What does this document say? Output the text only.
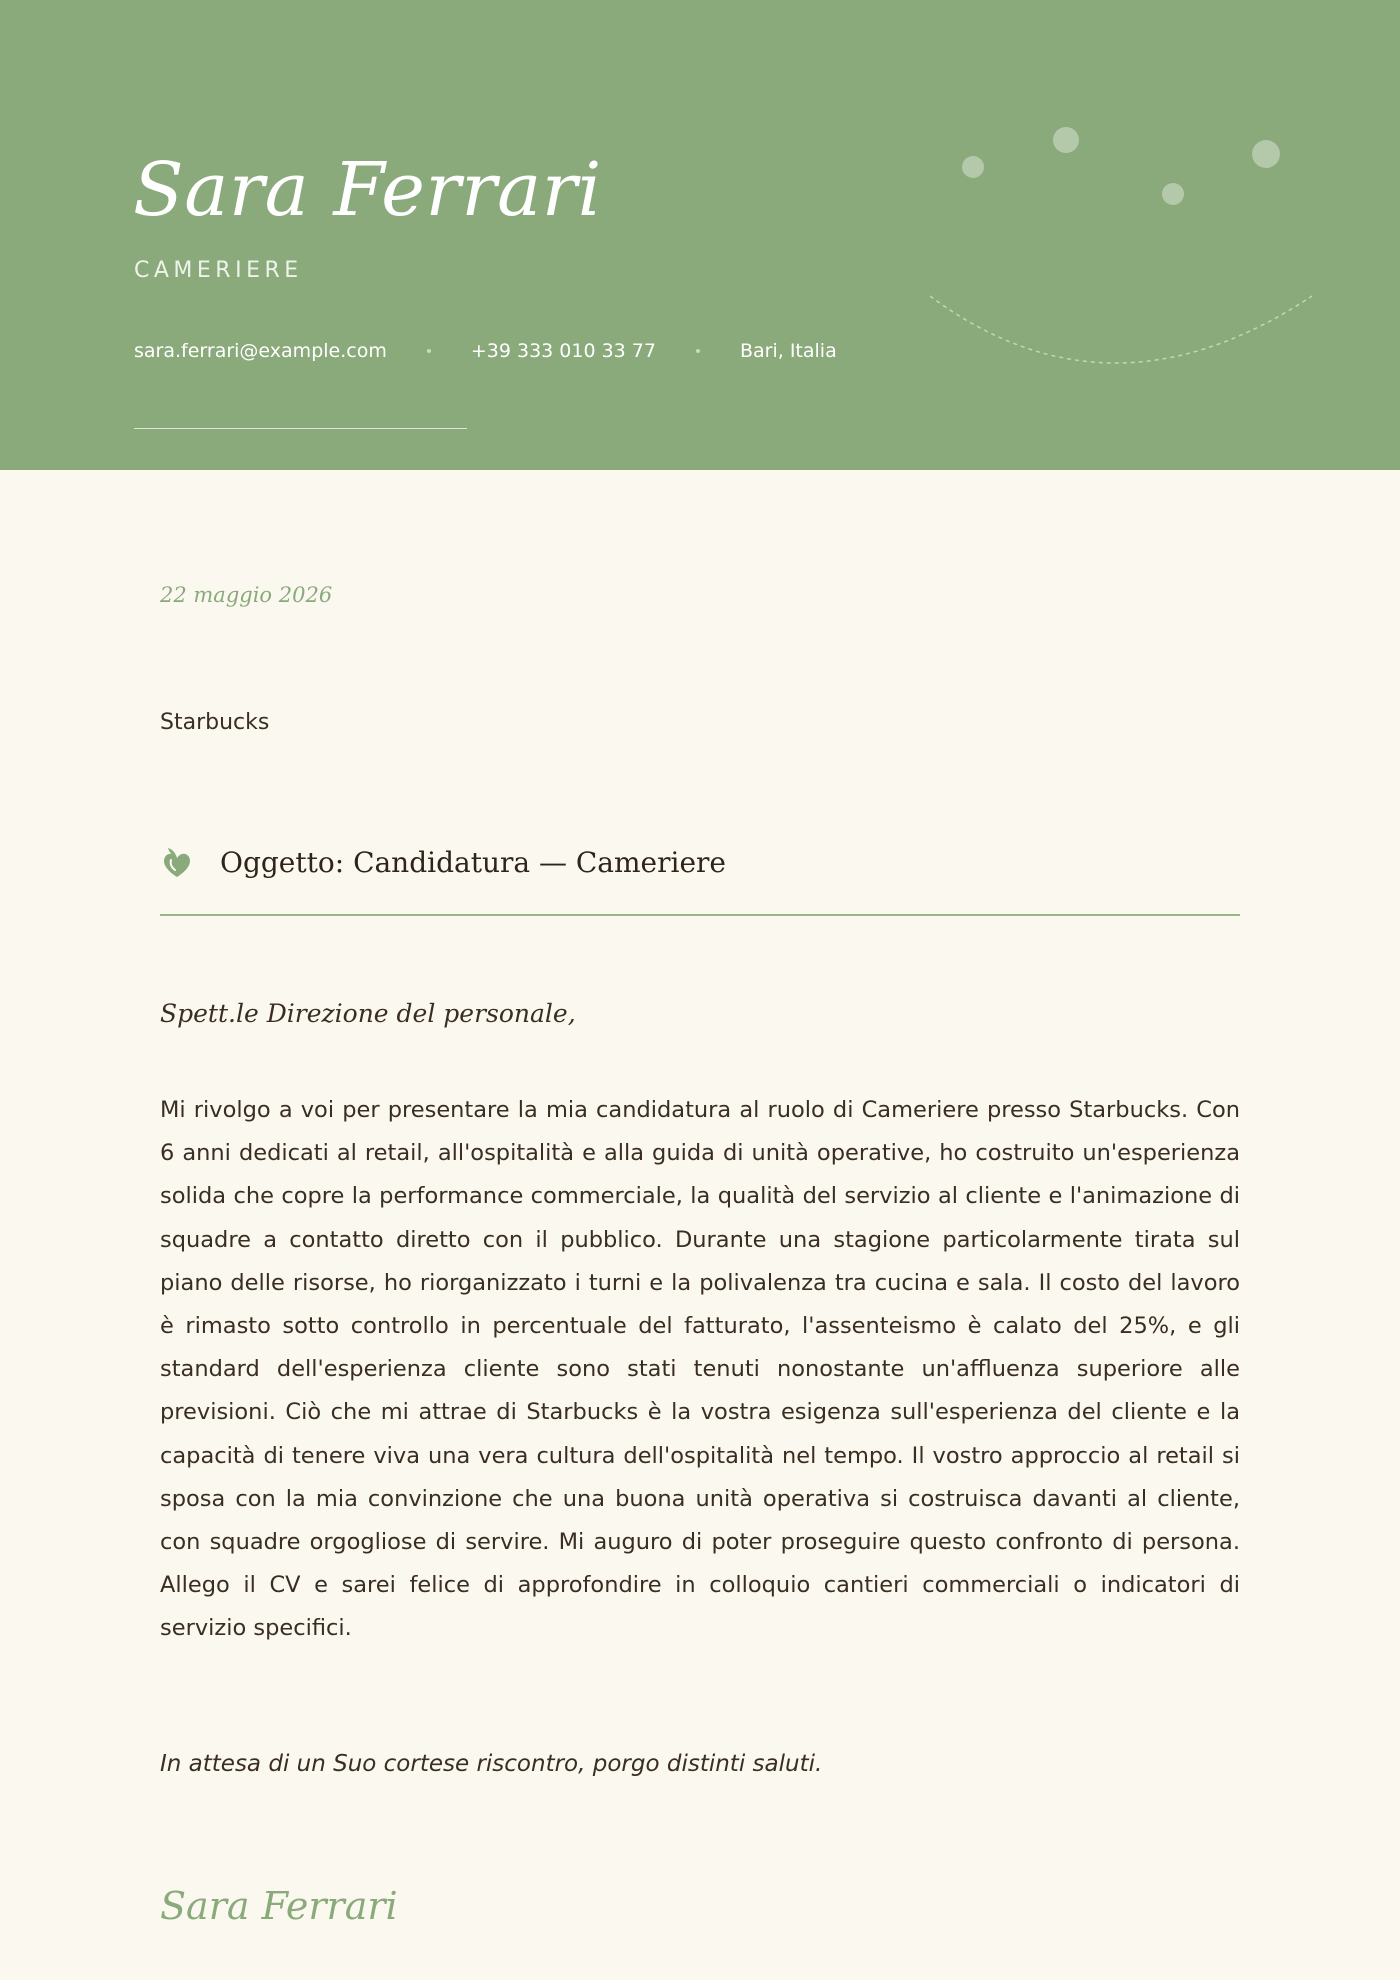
Sara Ferrari
CAMERIERE
sara.ferrari@example.com	+39 333 010 33 77	Bari, Italia
22 maggio 2026
Starbucks
Oggetto: Candidatura — Cameriere
Spett.le Direzione del personale,

Mi rivolgo a voi per presentare la mia candidatura al ruolo di Cameriere presso Starbucks. Con 6 anni dedicati al retail, all'ospitalità e alla guida di unità operative, ho costruito un'esperienza solida che copre la performance commerciale, la qualità del servizio al cliente e l'animazione di squadre a contatto diretto con il pubblico. Durante una stagione particolarmente tirata sul piano delle risorse, ho riorganizzato i turni e la polivalenza tra cucina e sala. Il costo del lavoro è rimasto sotto controllo in percentuale del fatturato, l'assenteismo è calato del 25%, e gli standard dell'esperienza cliente sono stati tenuti nonostante un'affluenza superiore alle previsioni. Ciò che mi attrae di Starbucks è la vostra esigenza sull'esperienza del cliente e la capacità di tenere viva una vera cultura dell'ospitalità nel tempo. Il vostro approccio al retail si sposa con la mia convinzione che una buona unità operativa si costruisca davanti al cliente, con squadre orgogliose di servire. Mi auguro di poter proseguire questo confronto di persona. Allego il CV e sarei felice di approfondire in colloquio cantieri commerciali o indicatori di servizio specifici.

In attesa di un Suo cortese riscontro, porgo distinti saluti.
Sara Ferrari
